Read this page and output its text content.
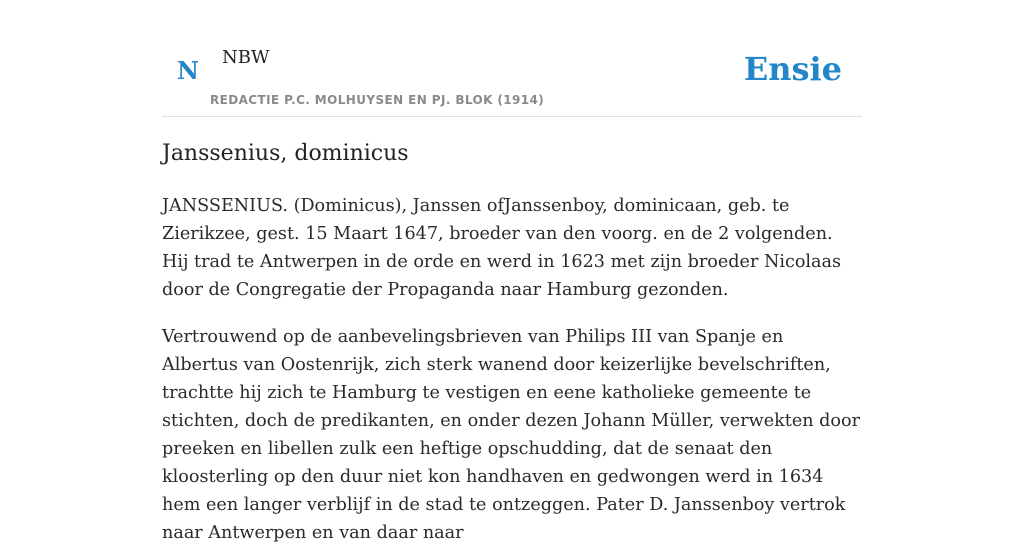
N NBW
REDACTIE P.C. MOLHUYSEN EN PJ. BLOK (1914)
Ensie
Janssenius, dominicus

JANSSENIUS. (Dominicus), Janssen ofJanssenboy, dominicaan, geb. te Zierikzee, gest. 15 Maart 1647, broeder van den voorg. en de 2 volgenden. Hij trad te Antwerpen in de orde en werd in 1623 met zijn broeder Nicolaas door de Congregatie der Propaganda naar Hamburg gezonden.

Vertrouwend op de aanbevelingsbrieven van Philips III van Spanje en Albertus van Oostenrijk, zich sterk wanend door keizerlijke bevelschriften, trachtte hij zich te Hamburg te vestigen en eene katholieke gemeente te stichten, doch de predikanten, en onder dezen Johann Müller, verwekten door preeken en libellen zulk een heftige opschudding, dat de senaat den kloosterling op den duur niet kon handhaven en gedwongen werd in 1634 hem een langer verblijf in de stad te ontzeggen. Pater D. Janssenboy vertrok naar Antwerpen en van daar naar
